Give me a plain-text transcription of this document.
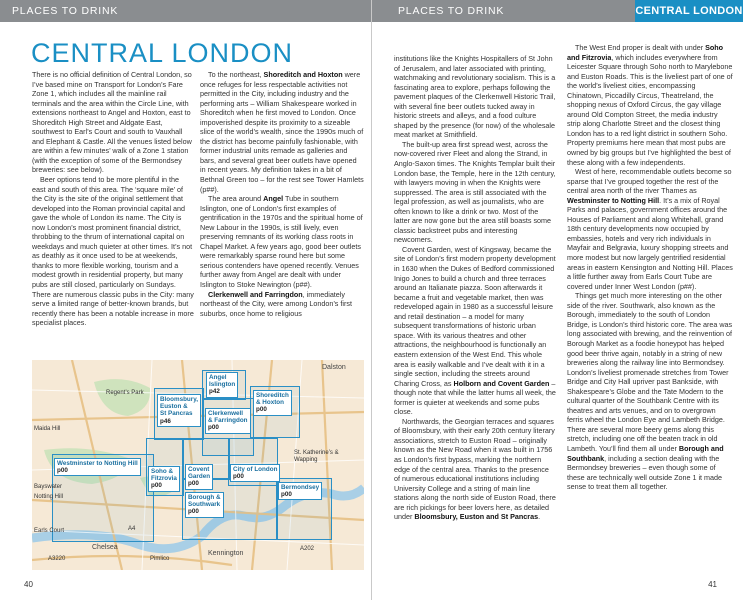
PLACES TO DRINK
CENTRAL LONDON

There is no official definition of Central London, so I’ve based mine on Transport for London’s Fare Zone 1, which includes all the mainline rail terminals and the area within the Circle Line, with extensions northeast to Angel and Hoxton, east to Shoreditch High Street and Aldgate East, southwest to Earl’s Court and south to Vauxhall and Elephant & Castle. All the venues listed below are within a few minutes’ walk of a Zone 1 station (with the exception of some of the Bermondsey breweries: see below).

Beer options tend to be more plentiful in the east and south of this area. The ‘square mile’ of the City is the site of the original settlement that developed into the Roman provincial capital and gave the whole of London its name. The City is now London’s most prominent financial district, throbbing to the thrum of international capital on weekdays and much quieter at other times. It’s not as deathly as it once used to be at weekends, thanks to more flexible working, tourism and a modest growth in residential property, but many pubs are still closed, particularly on Sundays. There are numerous classic pubs in the City: many serve a limited range of better-known brands, but recently there has been a notable increase in more specialist places.

To the northeast, Shoreditch and Hoxton were once refuges for less respectable activities not permitted in the City, including industry and the performing arts – William Shakespeare worked in Shoreditch when he first moved to London. Once impoverished despite its proximity to a sizeable slice of the world’s wealth, since the 1990s much of the district has become painfully fashionable, with former industrial units remade as galleries and bars, and several great beer outlets have opened in recent years. My definition takes in a bit of Bethnal Green too – for the rest see Tower Hamlets (p##).

The area around Angel Tube in southern Islington, one of London’s first examples of gentrification in the 1970s and the spiritual home of New Labour in the 1990s, is still lively, even preserving remnants of its working class roots in Chapel Market. A few years ago, good beer outlets were remarkably sparse round here but some serious contenders have opened recently. Venues further away from Angel are dealt with under Islington to Stoke Newington (p##).

Clerkenwell and Farringdon, immediately northeast of the City, were among London’s first suburbs, once home to religious

Dalston
Regent’s Park
Maida Hill
Bayswater
Notting Hill
St. Katherine’s & Wapping
Kennington
Pimlico
Chelsea
Earls Court
A3220
A4
A202
Angel
Islington
p42
Bloomsbury,
Euston &
St Pancras
p46
Shoreditch
& Hoxton
p00
Clerkenwell
& Farringdon
p00
Westminster to Notting Hill
p00	Soho &
Fitzrovia
p00
Covent
Garden
p00
City of London
p00
Borough &
Southwark
p00
Bermondsey
p00
40
PLACES TO DRINK	CENTRAL LONDON

institutions like the Knights Hospitallers of St John of Jerusalem, and later associated with printing, watchmaking and revolutionary socialism. This is a fascinating area to explore, perhaps following the pavement plaques of the Clerkenwell Historic Trail, with several fine beer outlets tucked away in historic streets and alleys, and a food culture shaped by the presence (for now) of the wholesale meat market at Smithfield.

The built-up area first spread west, across the now-covered river Fleet and along the Strand, in Anglo-Saxon times. The Knights Templar built their London base, the Temple, here in the 12th century, with lawyers moving in when the Knights were suppressed. The area is still associated with the legal profession, as well as journalists, who are often known to like a drink or two. Most of the latter are now gone but the area still boasts some classic backstreet pubs and interesting newcomers.

Covent Garden, west of Kingsway, became the site of London’s first modern property development in 1630 when the Dukes of Bedford commissioned Inigo Jones to build a church and three terraces around an Italianate piazza. Soon afterwards it became a fruit and vegetable market, then was redeveloped again in 1980 as a successful leisure and retail destination – a model for many subsequent transformations of historic urban space. With its various theatres and other attractions, the neighbourhood is functionally an eastern extension of the West End. This whole area is easily walkable and I’ve dealt with it in a single section, including the streets around Charing Cross, as Holborn and Covent Garden – though note that while the latter hums all week, the former is quieter at weekends and some pubs close.

Northwards, the Georgian terraces and squares of Bloomsbury, with their early 20th century literary associations, stretch to Euston Road – originally known as the New Road when it was built in 1756 as London’s first bypass, marking the northern edge of the central area. Thanks to the presence of numerous educational institutions including University College and a string of main line stations along the north side of Euston Road, there are rich pickings for beer lovers here, as detailed under Bloomsbury, Euston and St Pancras.

The West End proper is dealt with under Soho and Fitzrovia, which includes everywhere from Leicester Square through Soho north to Marylebone and Euston Roads. This is the liveliest part of one of the world’s liveliest cities, encompassing Chinatown, Piccadilly Circus, Theatreland, the shopping nexus of Oxford Circus, the gay village around Old Compton Street, the media industry strip along Charlotte Street and the closest thing London has to a red light district in southern Soho. Property premiums here mean that most pubs are owned by big groups but I’ve highlighted the best of these along with a few independents.

West of here, recommendable outlets become so sparse that I’ve grouped together the rest of the central area north of the river Thames as Westminster to Notting Hill. It’s a mix of Royal Parks and palaces, government offices around the Houses of Parliament and along Whitehall, grand 18th century developments now occupied by embassies, hotels and very rich individuals in Mayfair and Belgravia, luxury shopping streets and more modest but now largely gentrified residential areas in eastern Kensington and Notting Hill. Places a little further away from Earls Court Tube are covered under Inner West London (p##).

Things get much more interesting on the other side of the river. Southwark, also known as the Borough, immediately to the south of London Bridge, is London’s third historic core. The area was long associated with brewing, and the reinvention of Borough Market as a foodie honeypot has helped good beer thrive again, notably in a string of new breweries along the railway line into Bermondsey. London’s liveliest promenade stretches from Tower Bridge and City Hall upriver past Bankside, with Shakespeare’s Globe and the Tate Modern to the cultural quarter of the Southbank Centre with its theatres and arts venues, and on to overgrown ferris wheel the London Eye and Lambeth Bridge. There are several more beery gems along this stretch, including one off the beaten track in old Lambeth. You’ll find them all under Borough and Southbank, including a section dealing with the Bermondsey breweries – even though some of these are technically well outside Zone 1 it made sense to treat them all together.

41
